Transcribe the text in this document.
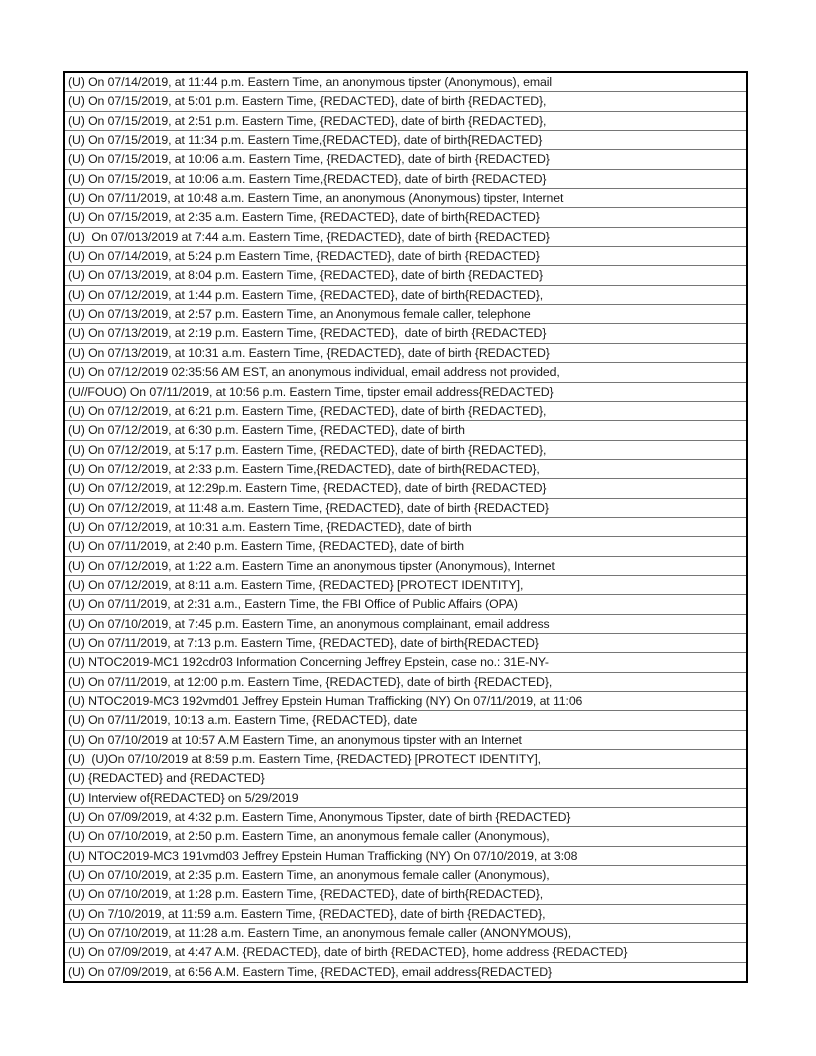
(U) On 07/14/2019, at 11:44 p.m. Eastern Time, an anonymous tipster (Anonymous), email
(U) On 07/15/2019, at 5:01 p.m. Eastern Time, {REDACTED}, date of birth {REDACTED},
(U) On 07/15/2019, at 2:51 p.m. Eastern Time, {REDACTED}, date of birth {REDACTED},
(U) On 07/15/2019, at 11:34 p.m. Eastern Time,{REDACTED}, date of birth{REDACTED}
(U) On 07/15/2019, at 10:06 a.m. Eastern Time, {REDACTED}, date of birth {REDACTED}
(U) On 07/15/2019, at 10:06 a.m. Eastern Time,{REDACTED}, date of birth {REDACTED}
(U) On 07/11/2019, at 10:48 a.m. Eastern Time, an anonymous (Anonymous) tipster, Internet
(U) On 07/15/2019, at 2:35 a.m. Eastern Time, {REDACTED}, date of birth{REDACTED}
(U)  On 07/013/2019 at 7:44 a.m. Eastern Time, {REDACTED}, date of birth {REDACTED}
(U) On 07/14/2019, at 5:24 p.m Eastern Time, {REDACTED}, date of birth {REDACTED}
(U) On 07/13/2019, at 8:04 p.m. Eastern Time, {REDACTED}, date of birth {REDACTED}
(U) On 07/12/2019, at 1:44 p.m. Eastern Time, {REDACTED}, date of birth{REDACTED},
(U) On 07/13/2019, at 2:57 p.m. Eastern Time, an Anonymous female caller, telephone
(U) On 07/13/2019, at 2:19 p.m. Eastern Time, {REDACTED},  date of birth {REDACTED}
(U) On 07/13/2019, at 10:31 a.m. Eastern Time, {REDACTED}, date of birth {REDACTED}
(U) On 07/12/2019 02:35:56 AM EST, an anonymous individual, email address not provided,
(U//FOUO) On 07/11/2019, at 10:56 p.m. Eastern Time, tipster email address{REDACTED}
(U) On 07/12/2019, at 6:21 p.m. Eastern Time, {REDACTED}, date of birth {REDACTED},
(U) On 07/12/2019, at 6:30 p.m. Eastern Time, {REDACTED}, date of birth
(U) On 07/12/2019, at 5:17 p.m. Eastern Time, {REDACTED}, date of birth {REDACTED},
(U) On 07/12/2019, at 2:33 p.m. Eastern Time,{REDACTED}, date of birth{REDACTED},
(U) On 07/12/2019, at 12:29p.m. Eastern Time, {REDACTED}, date of birth {REDACTED}
(U) On 07/12/2019, at 11:48 a.m. Eastern Time, {REDACTED}, date of birth {REDACTED}
(U) On 07/12/2019, at 10:31 a.m. Eastern Time, {REDACTED}, date of birth
(U) On 07/11/2019, at 2:40 p.m. Eastern Time, {REDACTED}, date of birth
(U) On 07/12/2019, at 1:22 a.m. Eastern Time an anonymous tipster (Anonymous), Internet
(U) On 07/12/2019, at 8:11 a.m. Eastern Time, {REDACTED} [PROTECT IDENTITY],
(U) On 07/11/2019, at 2:31 a.m., Eastern Time, the FBI Office of Public Affairs (OPA)
(U) On 07/10/2019, at 7:45 p.m. Eastern Time, an anonymous complainant, email address
(U) On 07/11/2019, at 7:13 p.m. Eastern Time, {REDACTED}, date of birth{REDACTED}
(U) NTOC2019-MC1 192cdr03 Information Concerning Jeffrey Epstein, case no.: 31E-NY-
(U) On 07/11/2019, at 12:00 p.m. Eastern Time, {REDACTED}, date of birth {REDACTED},
(U) NTOC2019-MC3 192vmd01 Jeffrey Epstein Human Trafficking (NY) On 07/11/2019, at 11:06
(U) On 07/11/2019, 10:13 a.m. Eastern Time, {REDACTED}, date
(U) On 07/10/2019 at 10:57 A.M Eastern Time, an anonymous tipster with an Internet
(U)  (U)On 07/10/2019 at 8:59 p.m. Eastern Time, {REDACTED} [PROTECT IDENTITY],
(U) {REDACTED} and {REDACTED}
(U) Interview of{REDACTED} on 5/29/2019
(U) On 07/09/2019, at 4:32 p.m. Eastern Time, Anonymous Tipster, date of birth {REDACTED}
(U) On 07/10/2019, at 2:50 p.m. Eastern Time, an anonymous female caller (Anonymous),
(U) NTOC2019-MC3 191vmd03 Jeffrey Epstein Human Trafficking (NY) On 07/10/2019, at 3:08
(U) On 07/10/2019, at 2:35 p.m. Eastern Time, an anonymous female caller (Anonymous),
(U) On 07/10/2019, at 1:28 p.m. Eastern Time, {REDACTED}, date of birth{REDACTED},
(U) On 7/10/2019, at 11:59 a.m. Eastern Time, {REDACTED}, date of birth {REDACTED},
(U) On 07/10/2019, at 11:28 a.m. Eastern Time, an anonymous female caller (ANONYMOUS),
(U) On 07/09/2019, at 4:47 A.M. {REDACTED}, date of birth {REDACTED}, home address {REDACTED}
(U) On 07/09/2019, at 6:56 A.M. Eastern Time, {REDACTED}, email address{REDACTED}
